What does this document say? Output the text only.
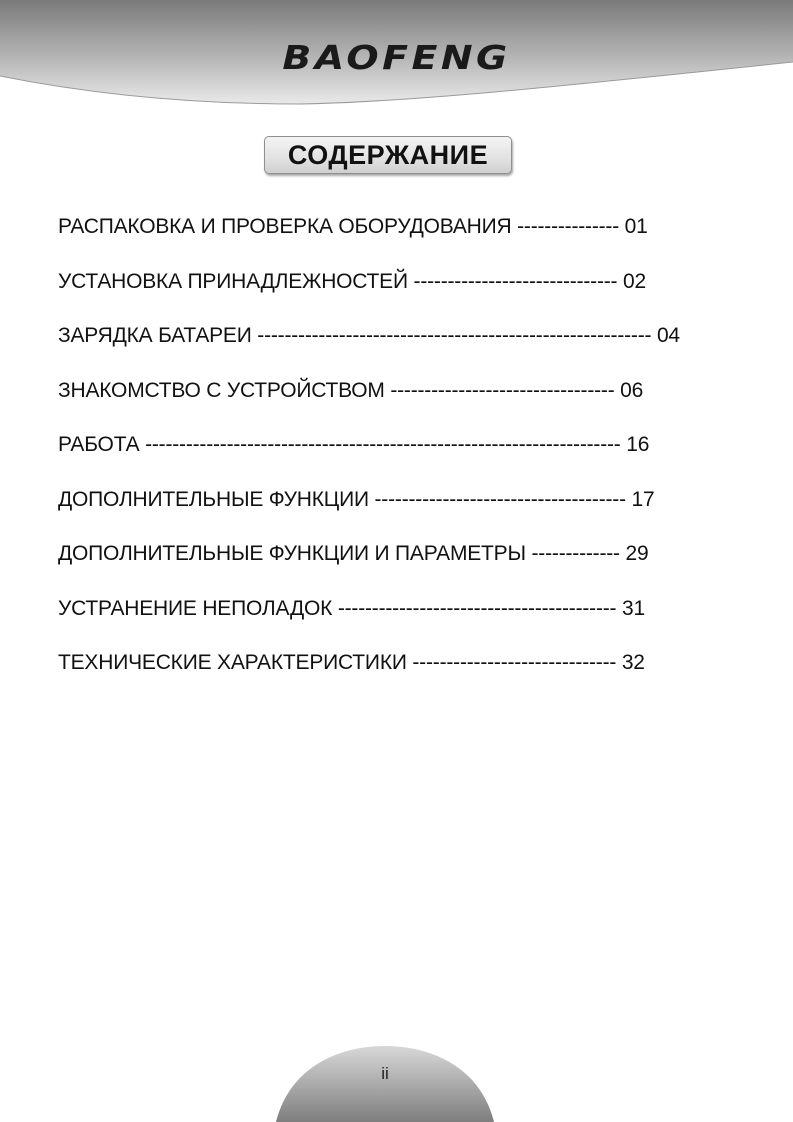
BAOFENG
СОДЕРЖАНИЕ
РАСПАКОВКА И ПРОВЕРКА ОБОРУДОВАНИЯ --------------- 01
УСТАНОВКА ПРИНАДЛЕЖНОСТЕЙ ------------------------------ 02
ЗАРЯДКА БАТАРЕИ ---------------------------------------------------------- 04
ЗНАКОМСТВО С УСТРОЙСТВОМ --------------------------------- 06
РАБОТА ---------------------------------------------------------------------- 16
ДОПОЛНИТЕЛЬНЫЕ ФУНКЦИИ ------------------------------------- 17
ДОПОЛНИТЕЛЬНЫЕ ФУНКЦИИ И ПАРАМЕТРЫ ------------- 29
УСТРАНЕНИЕ НЕПОЛАДОК ----------------------------------------- 31
ТЕХНИЧЕСКИЕ ХАРАКТЕРИСТИКИ ------------------------------ 32
ii
